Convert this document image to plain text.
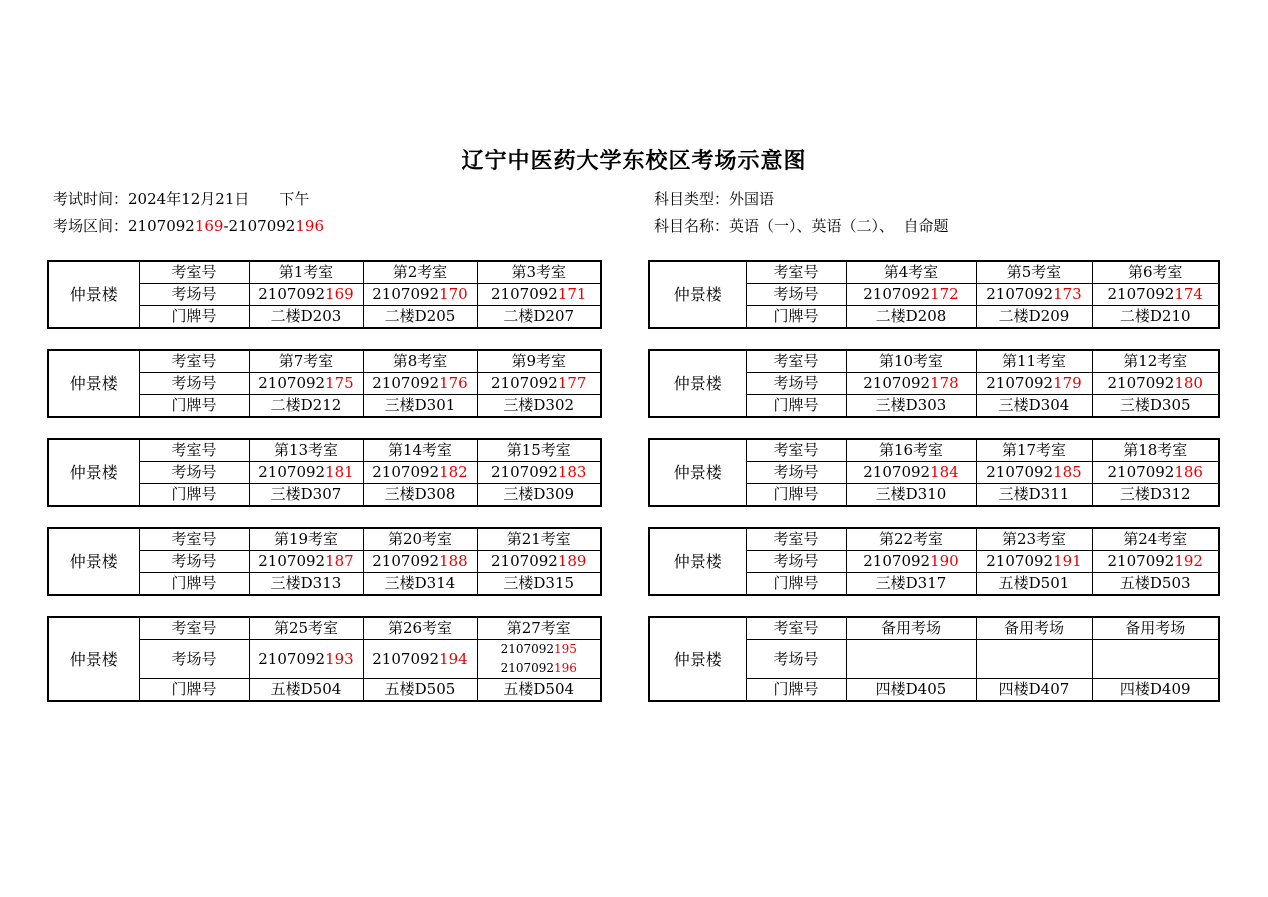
辽宁中医药大学东校区考场示意图
考试时间：2024年12月21日 下午
考场区间：2107092169-2107092196
科目类型：外国语
科目名称：英语（一）、英语（二）、  自命题
仲景楼	考室号	第1考室	第2考室	第3考室
	考场号	2107092169	2107092170	2107092171
	门牌号	二楼D203	二楼D205	二楼D207
仲景楼	考室号	第4考室	第5考室	第6考室
	考场号	2107092172	2107092173	2107092174
	门牌号	二楼D208	二楼D209	二楼D210
仲景楼	考室号	第7考室	第8考室	第9考室
	考场号	2107092175	2107092176	2107092177
	门牌号	二楼D212	三楼D301	三楼D302
仲景楼	考室号	第10考室	第11考室	第12考室
	考场号	2107092178	2107092179	2107092180
	门牌号	三楼D303	三楼D304	三楼D305
仲景楼	考室号	第13考室	第14考室	第15考室
	考场号	2107092181	2107092182	2107092183
	门牌号	三楼D307	三楼D308	三楼D309
仲景楼	考室号	第16考室	第17考室	第18考室
	考场号	2107092184	2107092185	2107092186
	门牌号	三楼D310	三楼D311	三楼D312
仲景楼	考室号	第19考室	第20考室	第21考室
	考场号	2107092187	2107092188	2107092189
	门牌号	三楼D313	三楼D314	三楼D315
仲景楼	考室号	第22考室	第23考室	第24考室
	考场号	2107092190	2107092191	2107092192
	门牌号	三楼D317	五楼D501	五楼D503
仲景楼	考室号	第25考室	第26考室	第27考室
	考场号	2107092193	2107092194	2107092195
2107092196

	门牌号	五楼D504	五楼D505	五楼D504
仲景楼	考室号	备用考场	备用考场	备用考场
	考场号			
	门牌号	四楼D405	四楼D407	四楼D409
